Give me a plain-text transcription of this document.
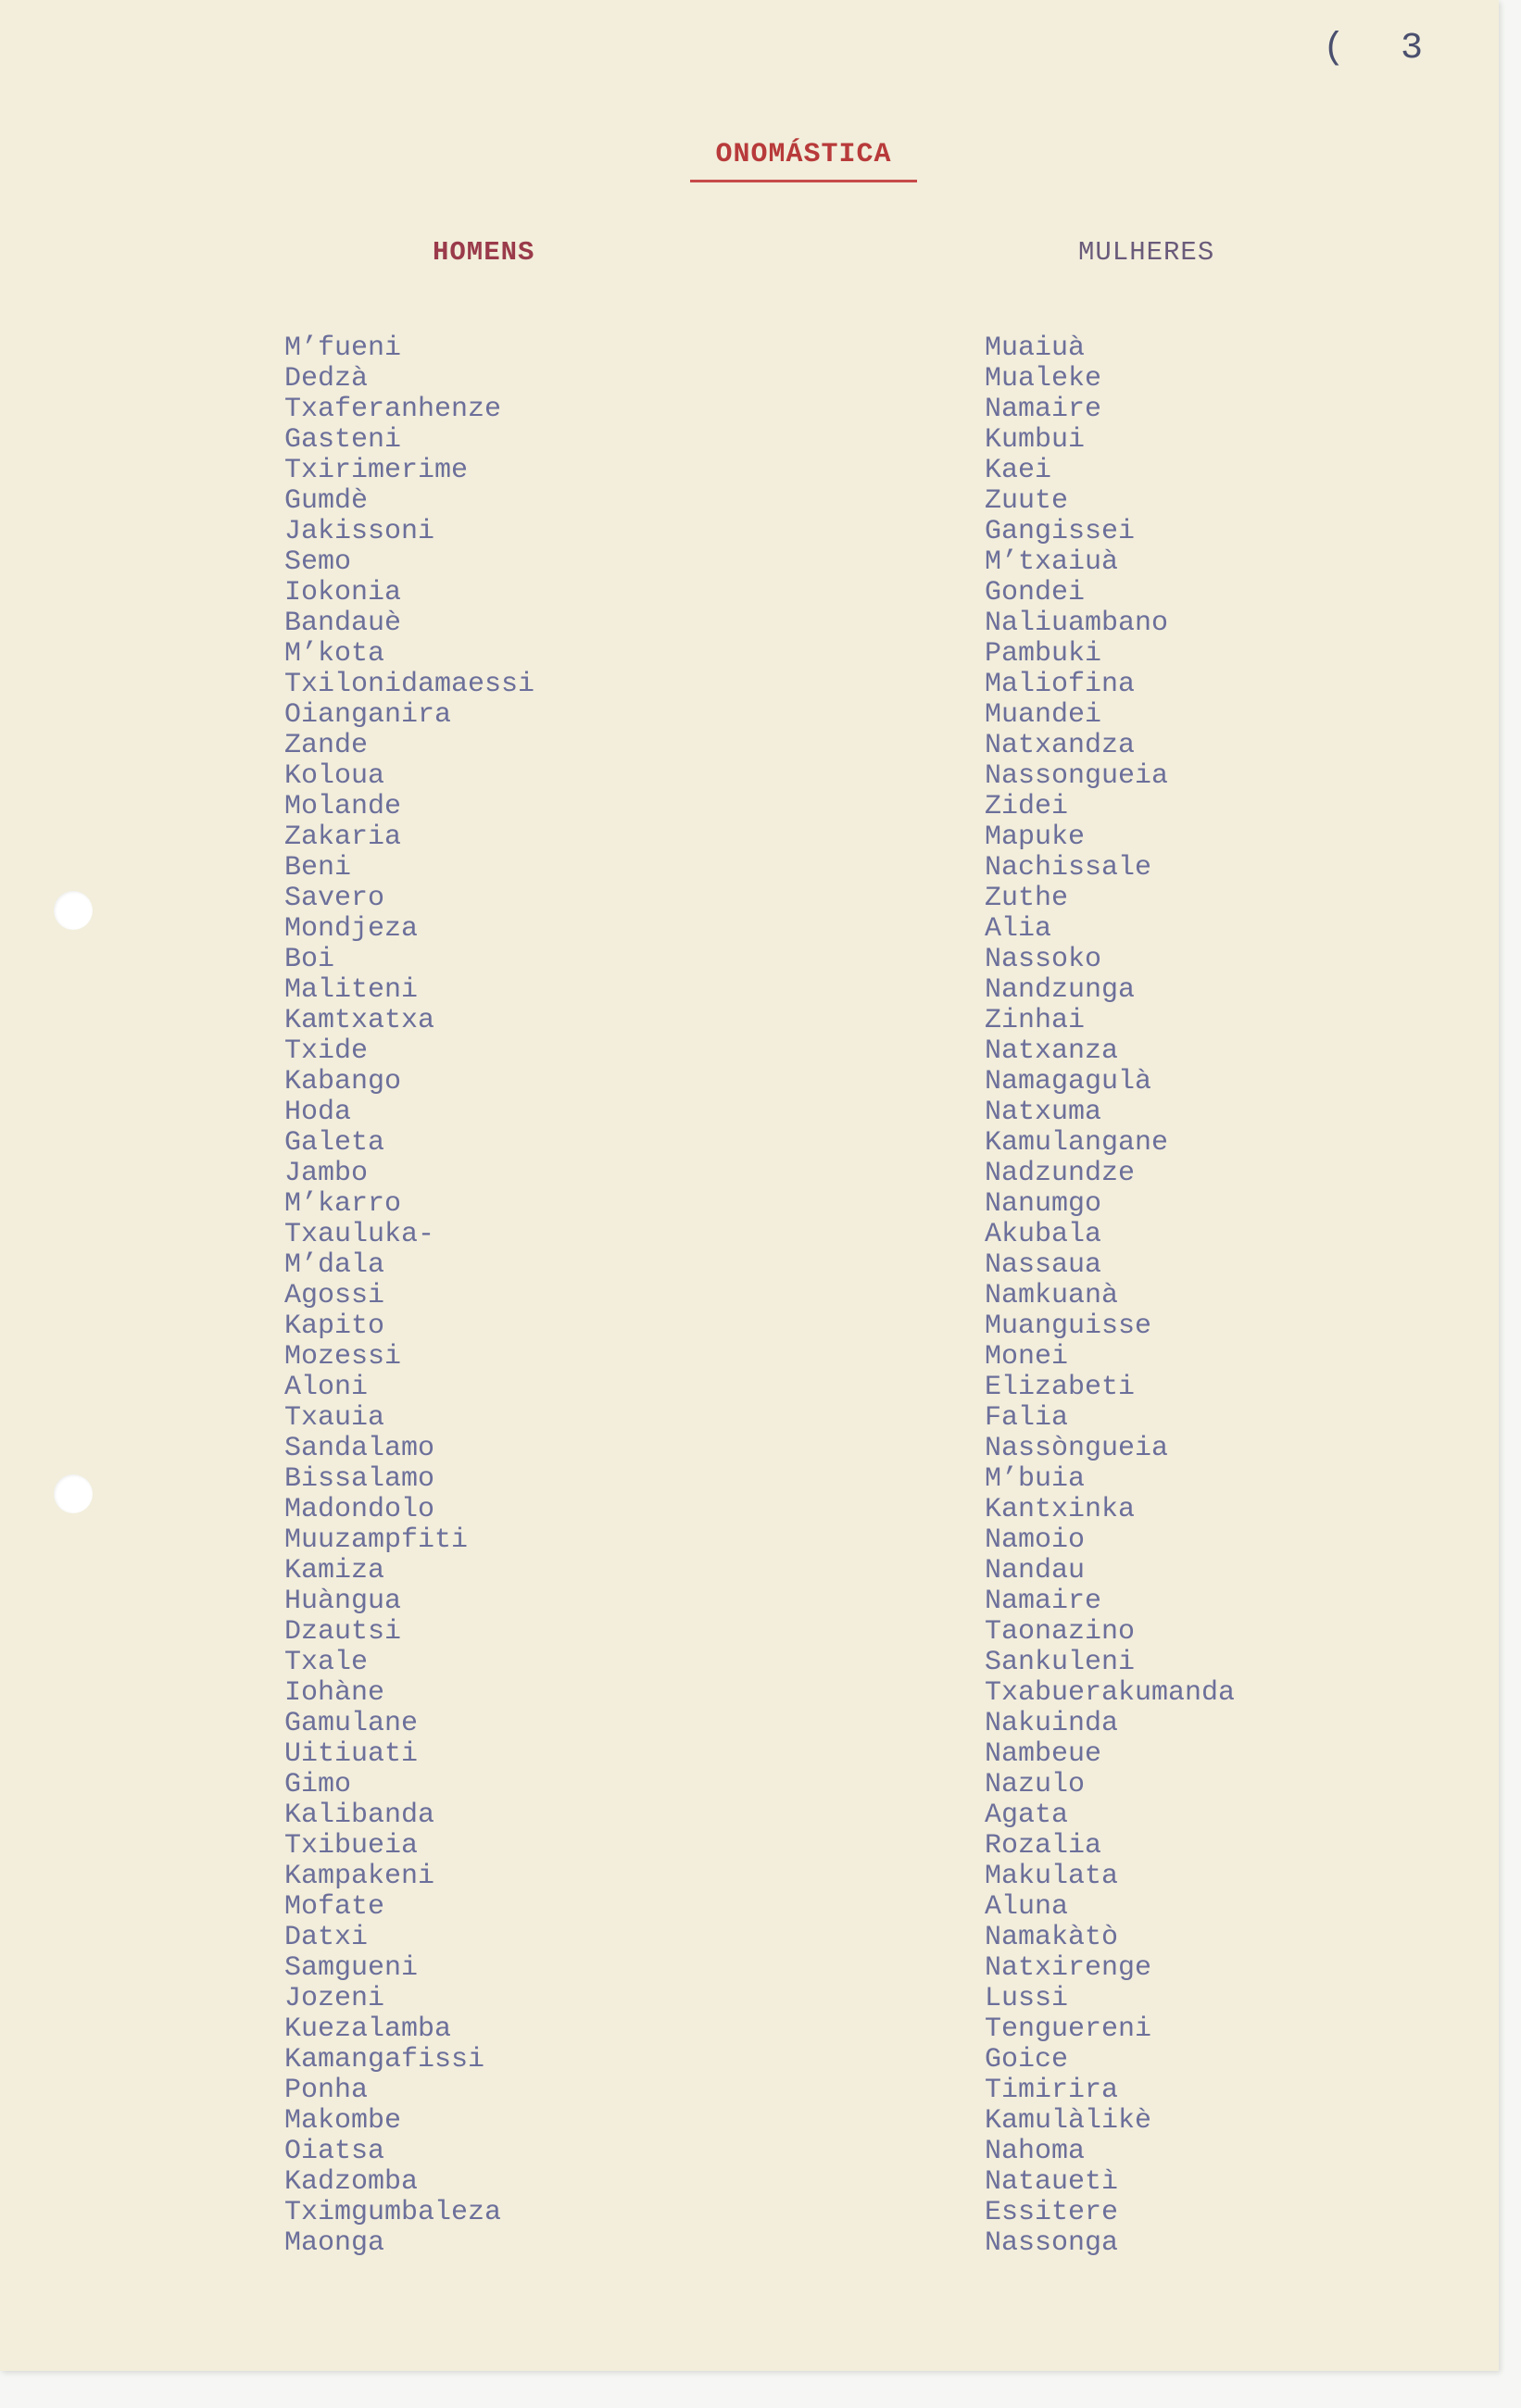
( 3
ONOMÁSTICA
HOMENS	MULHERES
M’fueni
Dedzà
Txaferanhenze
Gasteni
Txirimerime
Gumdè
Jakissoni
Semo
Iokonia
Bandauè
M’kota
Txilonidamaessi
Oianganira
Zande
Koloua
Molande
Zakaria
Beni
Savero
Mondjeza
Boi
Maliteni
Kamtxatxa
Txide
Kabango
Hoda
Galeta
Jambo
M’karro
Txauluka-
M’dala
Agossi
Kapito
Mozessi
Aloni
Txauia
Sandalamo
Bissalamo
Madondolo
Muuzampfiti
Kamiza
Huàngua
Dzautsi
Txale
Iohàne
Gamulane
Uitiuati
Gimo
Kalibanda
Txibueia
Kampakeni
Mofate
Datxi
Samgueni
Jozeni
Kuezalamba
Kamangafissi
Ponha
Makombe
Oiatsa
Kadzomba
Tximgumbaleza
Maonga
Muaiuà
Mualeke
Namaire
Kumbui
Kaei
Zuute
Gangissei
M’txaiuà
Gondei
Naliuambano
Pambuki
Maliofina
Muandei
Natxandza
Nassongueia
Zidei
Mapuke
Nachissale
Zuthe
Alia
Nassoko
Nandzunga
Zinhai
Natxanza
Namagagulà
Natxuma
Kamulangane
Nadzundze
Nanumgo
Akubala
Nassaua
Namkuanà
Muanguisse
Monei
Elizabeti
Falia
Nassòngueia
M’buia
Kantxinka
Namoio
Nandau
Namaire
Taonazino
Sankuleni
Txabuerakumanda
Nakuinda
Nambeue
Nazulo
Agata
Rozalia
Makulata
Aluna
Namakàtò
Natxirenge
Lussi
Tenguereni
Goice
Timirira
Kamulàlikè
Nahoma
Natauetì
Essitere
Nassonga
